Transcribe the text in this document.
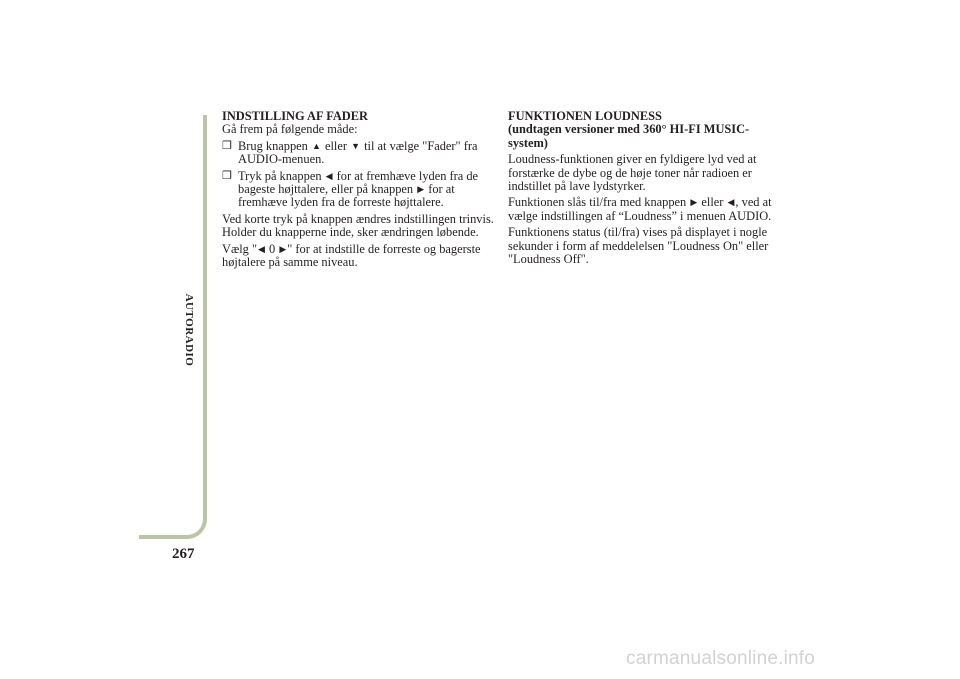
AUTORADIO
267

INDSTILLING AF FADER

Gå frem på følgende måde:

❒ Brug knappen ▲ eller ▼ til at vælge "Fader" fra AUDIO-menuen.

❒ Tryk på knappen ◀ for at fremhæve lyden fra de bageste højttalere, eller på knappen ▶ for at fremhæve lyden fra de forreste højttalere.

Ved korte tryk på knappen ændres indstillingen trinvis. Holder du knapperne inde, sker ændringen løbende.

Vælg "◀ 0 ▶" for at indstille de forreste og bagerste højtalere på samme niveau.

FUNKTIONEN LOUDNESS

(undtagen versioner med 360° HI-FI MUSIC-system)

Loudness-funktionen giver en fyldigere lyd ved at forstærke de dybe og de høje toner når radioen er indstillet på lave lydstyrker.

Funktionen slås til/fra med knappen ▶ eller ◀, ved at vælge indstillingen af “Loudness” i menuen AUDIO.

Funktionens status (til/fra) vises på displayet i nogle sekunder i form af meddelelsen "Loudness On" eller "Loudness Off".

carmanualsonline.info
